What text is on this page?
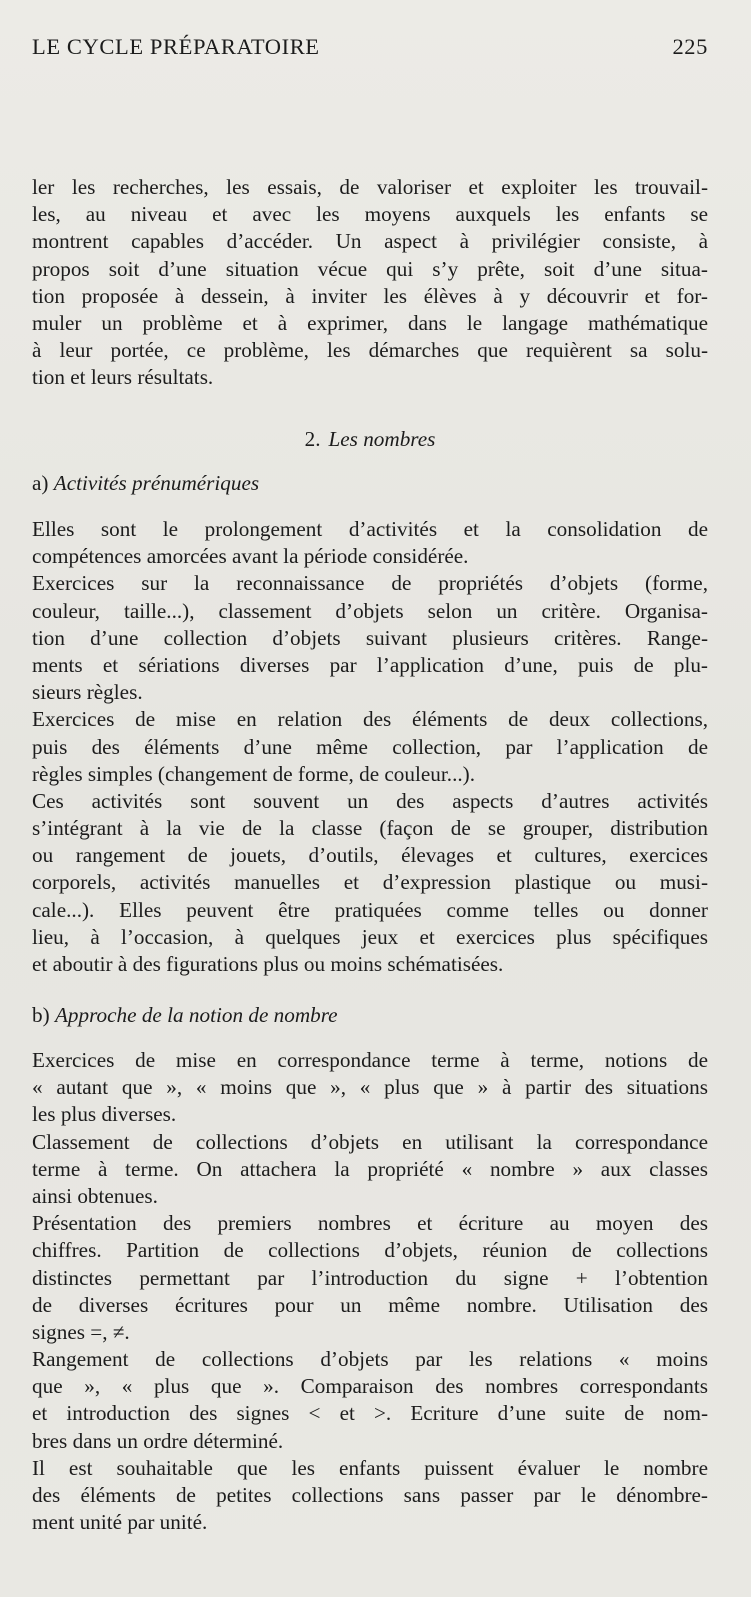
LE CYCLE PRÉPARATOIRE	225
ler les recherches, les essais, de valoriser et exploiter les trouvail-
les, au niveau et avec les moyens auxquels les enfants se
montrent capables d’accéder. Un aspect à privilégier consiste, à
propos soit d’une situation vécue qui s’y prête, soit d’une situa-
tion proposée à dessein, à inviter les élèves à y découvrir et for-
muler un problème et à exprimer, dans le langage mathématique
à leur portée, ce problème, les démarches que requièrent sa solu-
tion et leurs résultats.
2. Les nombres
a) Activités prénumériques
Elles sont le prolongement d’activités et la consolidation de
compétences amorcées avant la période considérée.
Exercices sur la reconnaissance de propriétés d’objets (forme,
couleur, taille...), classement d’objets selon un critère. Organisa-
tion d’une collection d’objets suivant plusieurs critères. Range-
ments et sériations diverses par l’application d’une, puis de plu-
sieurs règles.
Exercices de mise en relation des éléments de deux collections,
puis des éléments d’une même collection, par l’application de
règles simples (changement de forme, de couleur...).
Ces activités sont souvent un des aspects d’autres activités
s’intégrant à la vie de la classe (façon de se grouper, distribution
ou rangement de jouets, d’outils, élevages et cultures, exercices
corporels, activités manuelles et d’expression plastique ou musi-
cale...). Elles peuvent être pratiquées comme telles ou donner
lieu, à l’occasion, à quelques jeux et exercices plus spécifiques
et aboutir à des figurations plus ou moins schématisées.
b) Approche de la notion de nombre
Exercices de mise en correspondance terme à terme, notions de
« autant que », « moins que », « plus que » à partir des situations
les plus diverses.
Classement de collections d’objets en utilisant la correspondance
terme à terme. On attachera la propriété « nombre » aux classes
ainsi obtenues.
Présentation des premiers nombres et écriture au moyen des
chiffres. Partition de collections d’objets, réunion de collections
distinctes permettant par l’introduction du signe + l’obtention
de diverses écritures pour un même nombre. Utilisation des
signes =, ≠.
Rangement de collections d’objets par les relations « moins
que », « plus que ». Comparaison des nombres correspondants
et introduction des signes < et >. Ecriture d’une suite de nom-
bres dans un ordre déterminé.
Il est souhaitable que les enfants puissent évaluer le nombre
des éléments de petites collections sans passer par le dénombre-
ment unité par unité.
